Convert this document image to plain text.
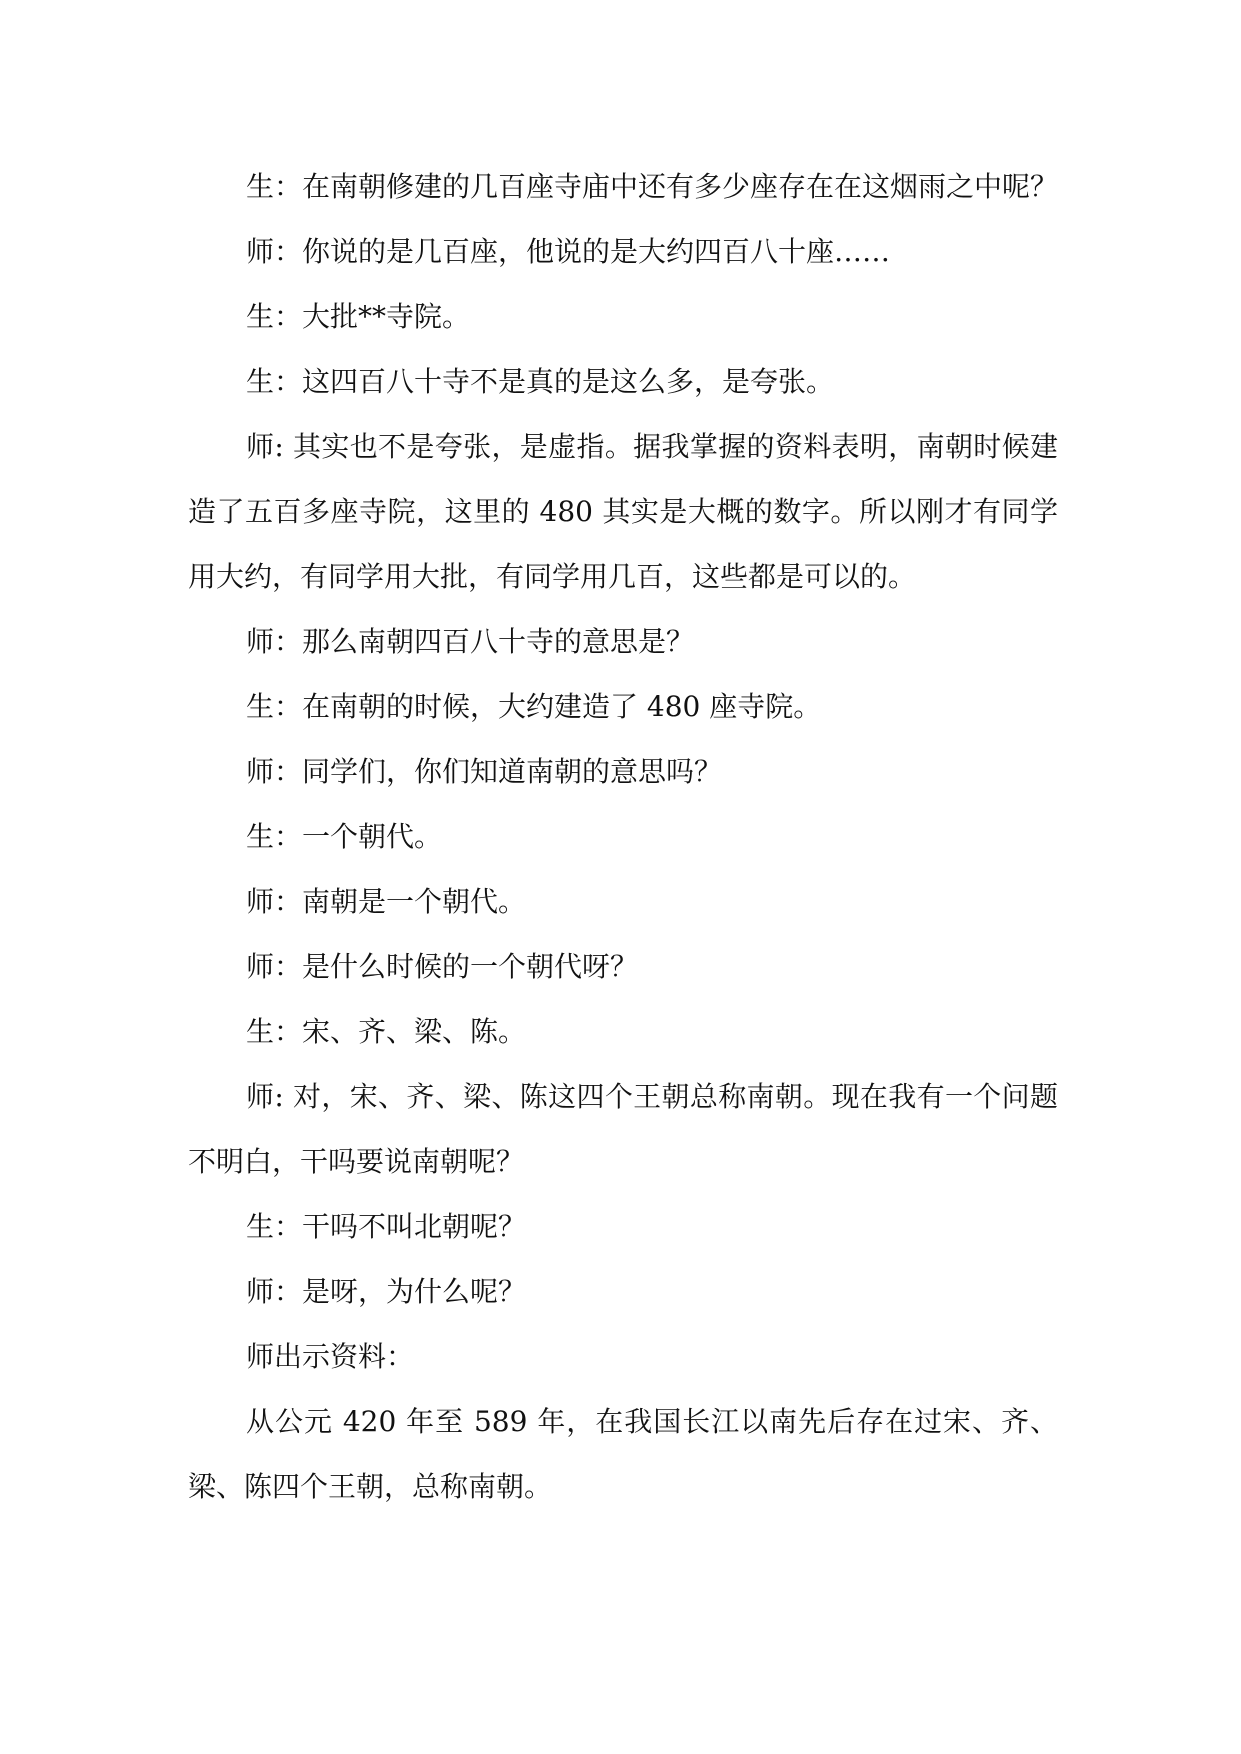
生：在南朝修建的几百座寺庙中还有多少座存在在这烟雨之中呢？

师：你说的是几百座，他说的是大约四百八十座……

生：大批**寺院。

生：这四百八十寺不是真的是这么多，是夸张。

师: 其实也不是夸张，是虚指。据我掌握的资料表明，南朝时候建造了五百多座寺院，这里的 480 其实是大概的数字。所以刚才有同学用大约，有同学用大批，有同学用几百，这些都是可以的。

师：那么南朝四百八十寺的意思是？

生：在南朝的时候，大约建造了 480 座寺院。

师：同学们，你们知道南朝的意思吗？

生：一个朝代。

师：南朝是一个朝代。

师：是什么时候的一个朝代呀？

生：宋、齐、梁、陈。

师: 对，宋、齐、梁、陈这四个王朝总称南朝。现在我有一个问题不明白，干吗要说南朝呢？

生：干吗不叫北朝呢？

师：是呀，为什么呢？

师出示资料：

从公元 420 年至 589 年，在我国长江以南先后存在过宋、齐、梁、陈四个王朝，总称南朝。
